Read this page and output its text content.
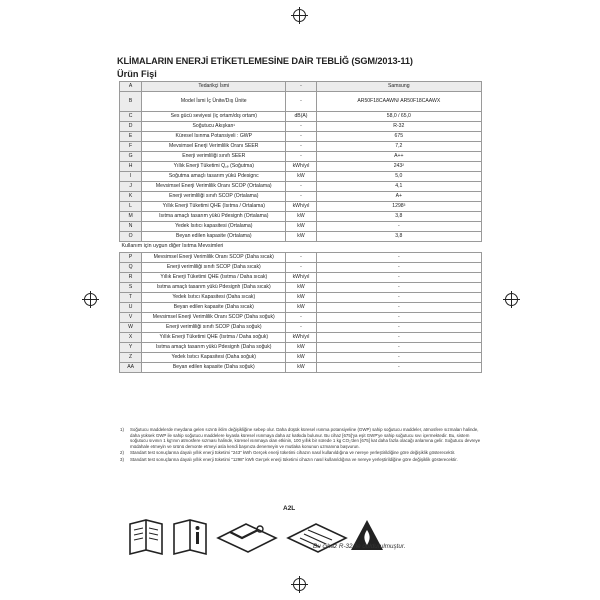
KLİMALARIN ENERJİ ETİKETLEMESİNE DAİR TEBLİĞ (SGM/2013-11)
Ürün Fişi
A	Tedarikçi İsmi	-	Samsung
B	Model İsmi İç Ünite/Dış Ünite	-	AR50F18CAAWN/ AR50F18CAAWX
C	Ses gücü seviyesi (iç ortam/dış ortam)	dB(A)	58,0 / 65,0
D	Soğutucu Akışkan¹	-	R-32
E	Küresel Isınma Potansiyeli : GWP	-	675
F	Mevsimsel Enerji Verimlilik Oranı SEER	-	7,2
G	Enerji verimliliği sınıfı SEER	-	A++
H	Yıllık Enerji Tüketimi Q꜀ₑ (Soğutma)	kWh/yıl	243²
I	Soğutma amaçlı tasarım yükü Pdesignc	kW	5,0
J	Mevsimsel Enerji Verimlilik Oranı SCOP (Ortalama)	-	4,1
K	Enerji verimliliği sınıfı SCOP (Ortalama)	-	A+
L	Yıllık Enerji Tüketimi QHE (Isıtma / Ortalama)	kWh/yıl	1298³
M	Isıtma amaçlı tasarım yükü Pdesignh (Ortalama)	kW	3,8
N	Yedek Isıtıcı kapasitesi (Ortalama)	kW	-
O	Beyan edilen kapasite (Ortalama)	kW	3,8
Kullanım için uygun diğer Isıtma Mevsimleri			
P	Mevsimsel Enerji Verimlilik Oranı SCOP (Daha sıcak)	-	-
Q	Enerji verimliliği sınıfı SCOP (Daha sıcak)	-	-
R	Yıllık Enerji Tüketimi QHE (Isıtma / Daha sıcak)	kWh/yıl	-
S	Isıtma amaçlı tasarım yükü Pdesignh (Daha sıcak)	kW	-
T	Yedek Isıtıcı Kapasitesi (Daha sıcak)	kW	-
U	Beyan edilen kapasite (Daha sıcak)	kW	-
V	Mevsimsel Enerji Verimlilik Oranı SCOP (Daha soğuk)	-	-
W	Enerji verimliliği sınıfı SCOP (Daha soğuk)	-	-
X	Yıllık Enerji Tüketimi QHE (Isıtma / Daha soğuk)	kWh/yıl	-
Y	Isıtma amaçlı tasarım yükü Pdesignh (Daha soğuk)	kW	-
Z	Yedek Isıtıcı Kapasitesi (Daha soğuk)	kW	-
AA	Beyan edilen kapasite (Daha soğuk)	kW	-
1)	Soğutucu maddelerde meydana gelen sızıntı iklim değişikliğine sebep olur. Daha düşük küresel ısınma potansiyeline (GWP) sahip soğutucu maddeler, atmosfere sızmaları halinde, daha yüksek GWP ile sahip soğutucu maddelere kıyasla küresel ısınmaya daha az katkıda bulunur. Bu cihaz [675]'ya eşit GWP'ye sahip soğutucu sıvı içermektedir. Bu, sistem soğutucu sıvının 1 kg'ının atmosfere sızması halinde, küresel ısınmaya olan etkinin, 100 yıllık bir sürede 1 kg CO₂'den [675] kat daha fazla olacağı anlamına gelir. Soğutucu devreye müdahale etmeyin ve ürünü demonte etmeyi asla kendi başınıza denemeyin ve mutlaka konunun uzmanına başvurun.
2)	Standart test sonuçlarına dayalı yıllık enerji tüketimi "243" kWh Gerçek enerji tüketimi cihazın nasıl kullanıldığına ve nereye yerleştirildiğine göre değişiklik gösterecektir.
3)	Standart test sonuçlarına dayalı yıllık enerji tüketimi "1298" kWh Gerçek enerji tüketimi cihazın nasıl kullanıldığına ve nereye yerleştirildiğine göre değişiklik gösterecektir.
A2L
Bu cihaz R-32 ile doldurulmuştur.
